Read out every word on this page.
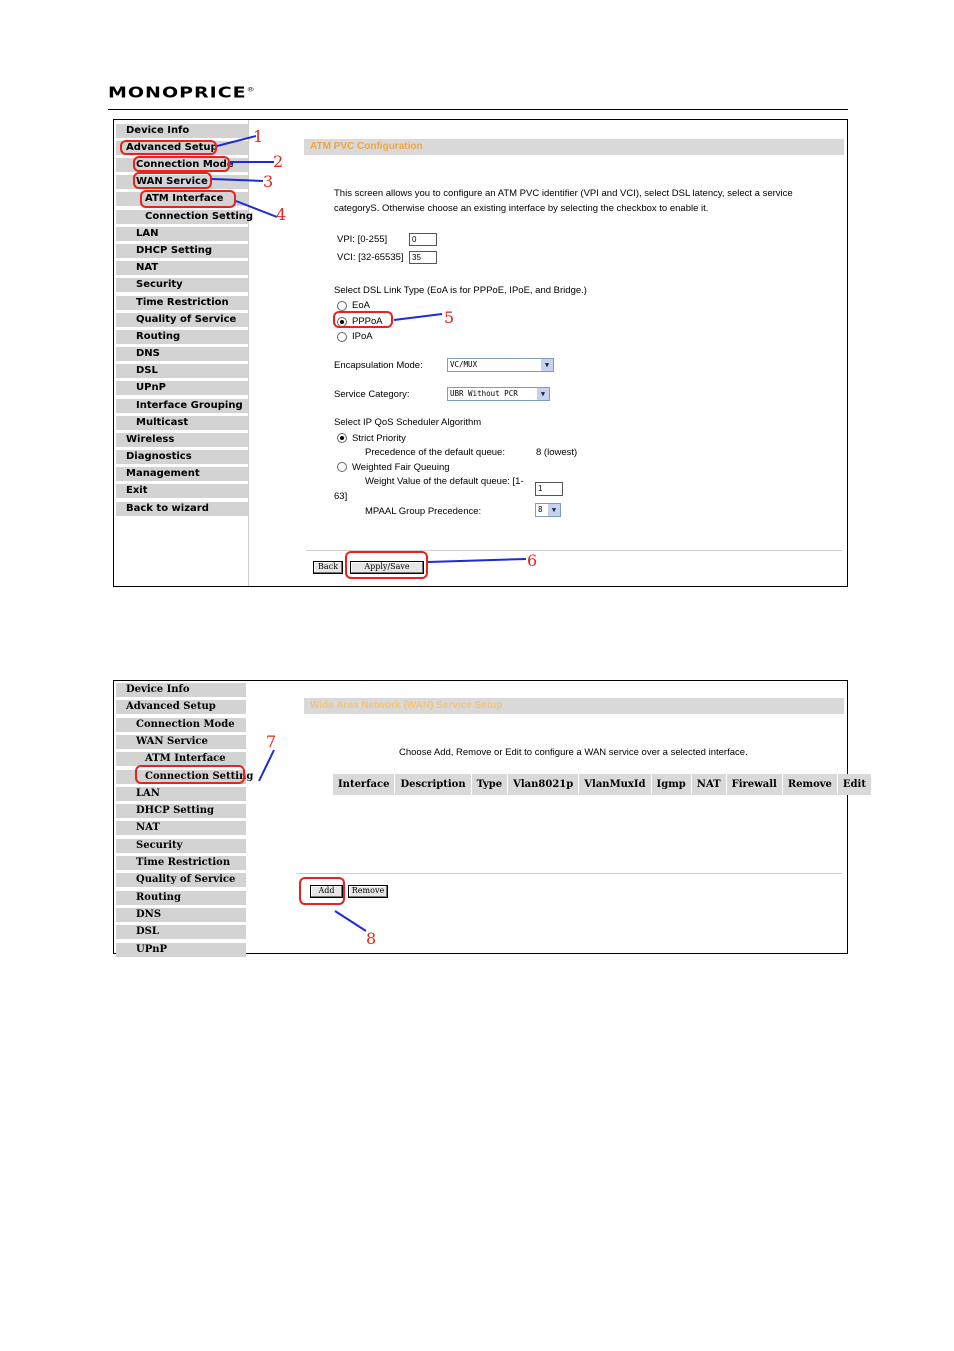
MONOPRICE®
Device Info
Advanced Setup
Connection Mode
WAN Service
ATM Interface
Connection Setting
LAN
DHCP Setting
NAT
Security
Time Restriction
Quality of Service
Routing
DNS
DSL
UPnP
Interface Grouping
Multicast
Wireless
Diagnostics
Management
Exit
Back to wizard
ATM PVC Configuration
This screen allows you to configure an ATM PVC identifier (VPI and VCI), select DSL latency, select a service
categoryS. Otherwise choose an existing interface by selecting the checkbox to enable it.
VPI: [0-255]	0
VCI: [32-65535]	35
Select DSL Link Type (EoA is for PPPoE, IPoE, and Bridge.)
EoA
PPPoA
IPoA
Encapsulation Mode:	VC/MUX	▼
Service Category:	UBR Without PCR	▼
Select IP QoS Scheduler Algorithm
Strict Priority
Precedence of the default queue:	8 (lowest)
Weighted Fair Queuing
Weight Value of the default queue: [1-
63]
1
MPAAL Group Precedence:	8	▼
Back	Apply/Save
Device Info
Advanced Setup
Connection Mode
WAN Service
ATM Interface
Connection Setting
LAN
DHCP Setting
NAT
Security
Time Restriction
Quality of Service
Routing
DNS
DSL
UPnP
Wide Area Network (WAN) Service Setup
Choose Add, Remove or Edit to configure a WAN service over a selected interface.
Interface	Description	Type	Vlan8021p	VlanMuxId	Igmp	NAT	Firewall	Remove	Edit
Add	Remove
1
2
3
4
5
6
7
8
